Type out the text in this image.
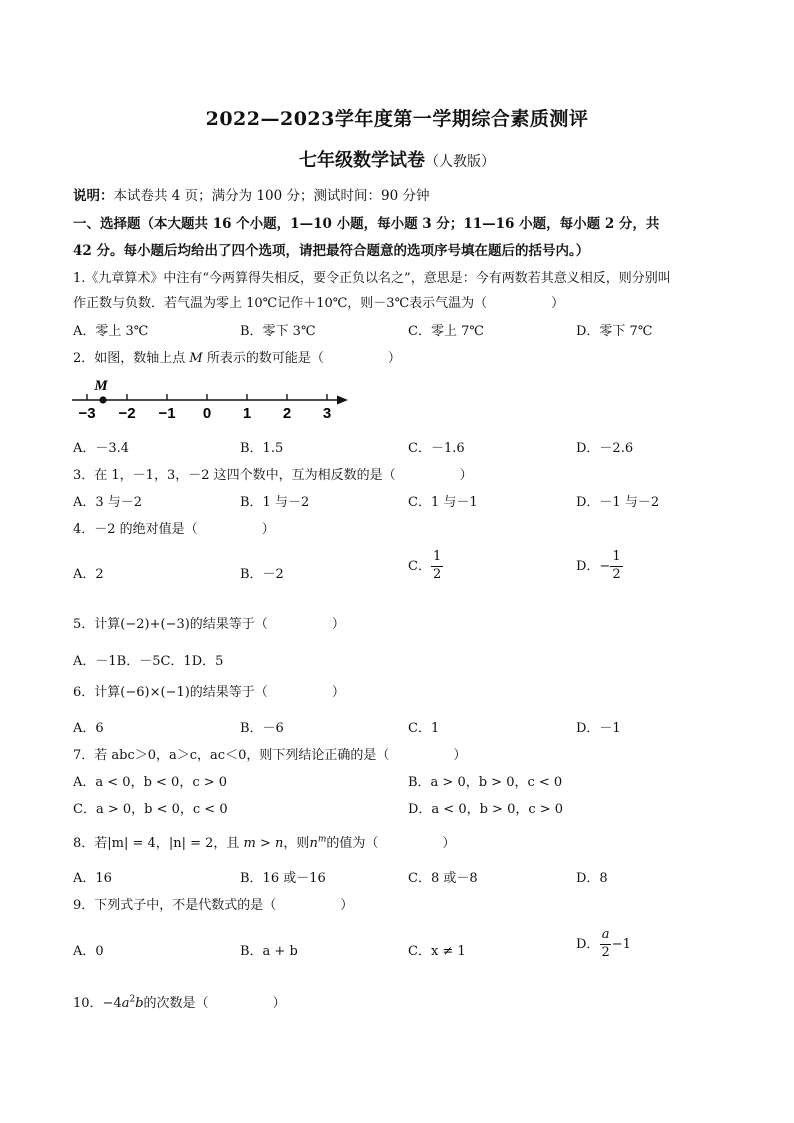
2022—2023学年度第一学期综合素质测评
七年级数学试卷（人教版）
说明：本试卷共 4 页；满分为 100 分；测试时间：90 分钟
一、选择题（本大题共 16 个小题，1—10 小题，每小题 3 分；11—16 小题，每小题 2 分，共
42 分。每小题后均给出了四个选项，请把最符合题意的选项序号填在题后的括号内。）
1.《九章算术》中注有“今两算得失相反，要令正负以名之”，意思是：今有两数若其意义相反，则分别叫
作正数与负数．若气温为零上 10℃记作＋10℃，则－3℃表示气温为（	）
A．零上 3℃	B．零下 3℃	C．零上 7℃	D．零下 7℃
2．如图，数轴上点 M 所表示的数可能是（	）
−3 −2 −1 0 1 2 3
M
A．－3.4	B．1.5	C．－1.6	D．－2.6
3．在 1，－1，3，－2 这四个数中，互为相反数的是（	）
A．3 与－2	B．1 与－2	C．1 与－1	D．－1 与－2
4．－2 的绝对值是（	）
A．2	B．－2
C． $\frac{1}{2}$	D．− $\frac{1}{2}$
5．计算(−2)+(−3)的结果等于（	）
A．－1B．－5C．1D．5
6．计算(−6)×(−1)的结果等于（	）
A．6	B．－6	C．1	D．－1
7．若 abc＞0，a＞c，ac＜0，则下列结论正确的是（	）
A．a < 0，b < 0，c > 0	B．a > 0，b > 0，c < 0
C．a > 0，b < 0，c < 0	D．a < 0，b > 0，c > 0
8．若|m| = 4，|n| = 2，且 m > n，则$n^m$的值为（	）
A．16	B．16 或－16	C．8 或－8	D．8
9．下列式子中，不是代数式的是（	）
A．0	B．a + b	C．x ≠ 1	D． $\frac{a}{2} -1$
10．$-4a^2b$的次数是（	）
